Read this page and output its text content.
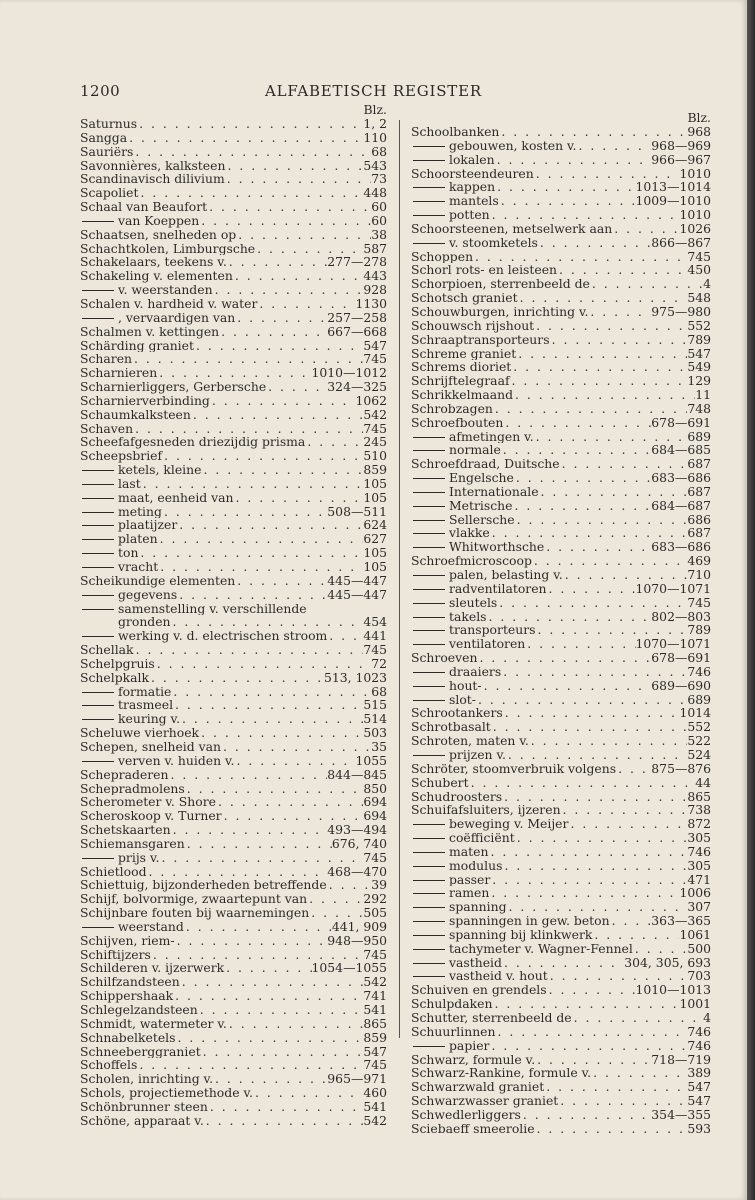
1200	ALFABETISCH REGISTER
Blz.
Saturnus . . .	1, 2
Sangga . . .	110
Sauriërs . . .	68
Savonnières, kalksteen . . .	543
Scandinavisch dilivium . . .	73
Scapoliet . . .	448
Schaal van Beaufort . . .	60
van Koeppen . . .	60
Schaatsen, snelheden op . . .	38
Schachtkolen, Limburgsche . . .	587
Schakelaars, teekens v. . . .	277—278
Schakeling v. elementen . . .	443
v. weerstanden . . .	928
Schalen v. hardheid v. water . . .	1130
, vervaardigen van . . .	257—258
Schalmen v. kettingen . . .	667—668
Schärding graniet . . .	547
Scharen . . .	745
Scharnieren . . .	1010—1012
Scharnierliggers, Gerbersche . . .	324—325
Scharnierverbinding . . .	1062
Schaumkalksteen . . .	542
Schaven . . .	745
Scheefafgesneden driezijdig prisma . . .	245
Scheepsbrief . . .	510
ketels, kleine . . .	859
last . . .	105
maat, eenheid van . . .	105
meting . . .	508—511
plaatijzer . . .	624
platen . . .	627
ton . . .	105
vracht . . .	105
Scheikundige elementen . . .	445—447
gegevens . . .	445—447
samenstelling v. verschillende
gronden . . .	454
werking v. d. electrischen stroom . . .	441
Schellak . . .	745
Schelpgruis . . .	72
Schelpkalk . . .	513, 1023
formatie . . .	68
trasmeel . . .	515
keuring v. . . .	514
Scheluwe vierhoek . . .	503
Schepen, snelheid van . . .	35
verven v. huiden v. . . .	1055
Schepraderen . . .	844—845
Schepradmolens . . .	850
Scherometer v. Shore . . .	694
Scheroskoop v. Turner . . .	694
Schetskaarten . . .	493—494
Schiemansgaren . . .	676, 740
prijs v. . . .	745
Schietlood . . .	468—470
Schiettuig, bijzonderheden betreffende . . .	39
Schijf, bolvormige, zwaartepunt van . . .	292
Schijnbare fouten bij waarnemingen . . .	505
weerstand . . .	441, 909
Schijven, riem- . . .	948—950
Schiftijzers . . .	745
Schilderen v. ijzerwerk . . .	1054—1055
Schilfzandsteen . . .	542
Schippershaak . . .	741
Schlegelzandsteen . . .	541
Schmidt, watermeter v. . . .	865
Schnabelketels . . .	859
Schneeberggraniet . . .	547
Schoffels . . .	745
Scholen, inrichting v. . . .	965—971
Schols, projectiemethode v. . . .	460
Schönbrunner steen . . .	541
Schöne, apparaat v. . . .	542
Blz.
Schoolbanken . . .	968
gebouwen, kosten v. . . .	968—969
lokalen . . .	966—967
Schoorsteendeuren . . .	1010
kappen . . .	1013—1014
mantels . . .	1009—1010
potten . . .	1010
Schoorsteenen, metselwerk aan . . .	1026
v. stoomketels . . .	866—867
Schoppen . . .	745
Schorl rots- en leisteen . . .	450
Schorpioen, sterrenbeeld de . . .	4
Schotsch graniet . . .	548
Schouwburgen, inrichting v. . . .	975—980
Schouwsch rijshout . . .	552
Schraaptransporteurs . . .	789
Schreme graniet . . .	547
Schrems dioriet . . .	549
Schrijftelegraaf . . .	129
Schrikkelmaand . . .	11
Schrobzagen . . .	748
Schroefbouten . . .	678—691
afmetingen v. . . .	689
normale . . .	684—685
Schroefdraad, Duitsche . . .	687
Engelsche . . .	683—686
Internationale . . .	687
Metrische . . .	684—687
Sellersche . . .	686
vlakke . . .	687
Whitworthsche . . .	683—686
Schroefmicroscoop . . .	469
palen, belasting v. . . .	710
radventilatoren . . .	1070—1071
sleutels . . .	745
takels . . .	802—803
transporteurs . . .	789
ventilatoren . . .	1070—1071
Schroeven . . .	678—691
draaiers . . .	746
hout- . . .	689—690
slot- . . .	689
Schrootankers . . .	1014
Schrotbasalt . . .	552
Schroten, maten v. . . .	522
prijzen v. . . .	524
Schröter, stoomverbruik volgens . . .	875—876
Schubert . . .	44
Schudroosters . . .	865
Schuifafsluiters, ijzeren . . .	738
beweging v. Meijer . . .	872
coëfficiënt . . .	305
maten . . .	746
modulus . . .	305
passer . . .	471
ramen . . .	1006
spanning . . .	307
spanningen in gew. beton . . .	363—365
spanning bij klinkwerk . . .	1061
tachymeter v. Wagner-Fennel . . .	500
vastheid . . .	304, 305, 693
vastheid v. hout . . .	703
Schuiven en grendels . . .	1010—1013
Schulpdaken . . .	1001
Schutter, sterrenbeeld de . . .	4
Schuurlinnen . . .	746
papier . . .	746
Schwarz, formule v. . . .	718—719
Schwarz-Rankine, formule v. . . .	389
Schwarzwald graniet . . .	547
Schwarzwasser graniet . . .	547
Schwedlerliggers . . .	354—355
Sciebaeff smeerolie . . .	593
